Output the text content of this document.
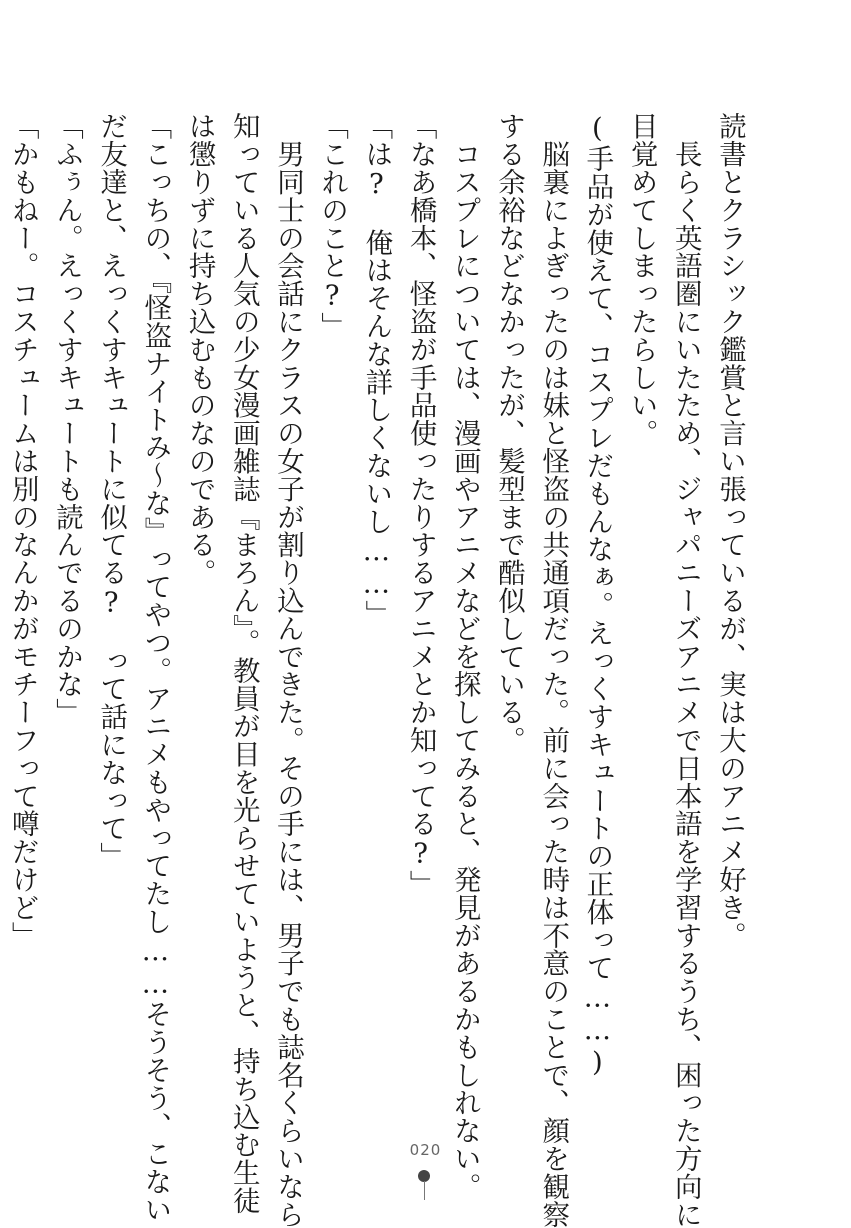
読書とクラシック鑑賞と言い張っているが、実は大のアニメ好き。
　長らく英語圏にいたため、ジャパニーズアニメで日本語を学習するうち、困った方向に
目覚めてしまったらしい。
(手品が使えて、コスプレだもんなぁ。えっくすキュートの正体って……)
　脳裏によぎったのは妹と怪盗の共通項だった。前に会った時は不意のことで、顔を観察
する余裕などなかったが、髪型まで酷似している。
　コスプレについては、漫画やアニメなどを探してみると、発見があるかもしれない。
「なあ橋本、怪盗が手品使ったりするアニメとか知ってる?」
「は?　俺はそんな詳しくないし……」
「これのこと?」
　男同士の会話にクラスの女子が割り込んできた。その手には、男子でも誌名くらいなら
知っている人気の少女漫画雑誌『まろん』。教員が目を光らせていようと、持ち込む生徒
は懲りずに持ち込むものなのである。
「こっちの、『怪盗ナイトみ〜な』ってやつ。アニメもやってたし……そうそう、こない
だ友達と、えっくすキュートに似てる?　って話になって」
「ふぅん。えっくすキュートも読んでるのかな」
「かもねー。コスチュームは別のなんかがモチーフって噂だけど」
020
